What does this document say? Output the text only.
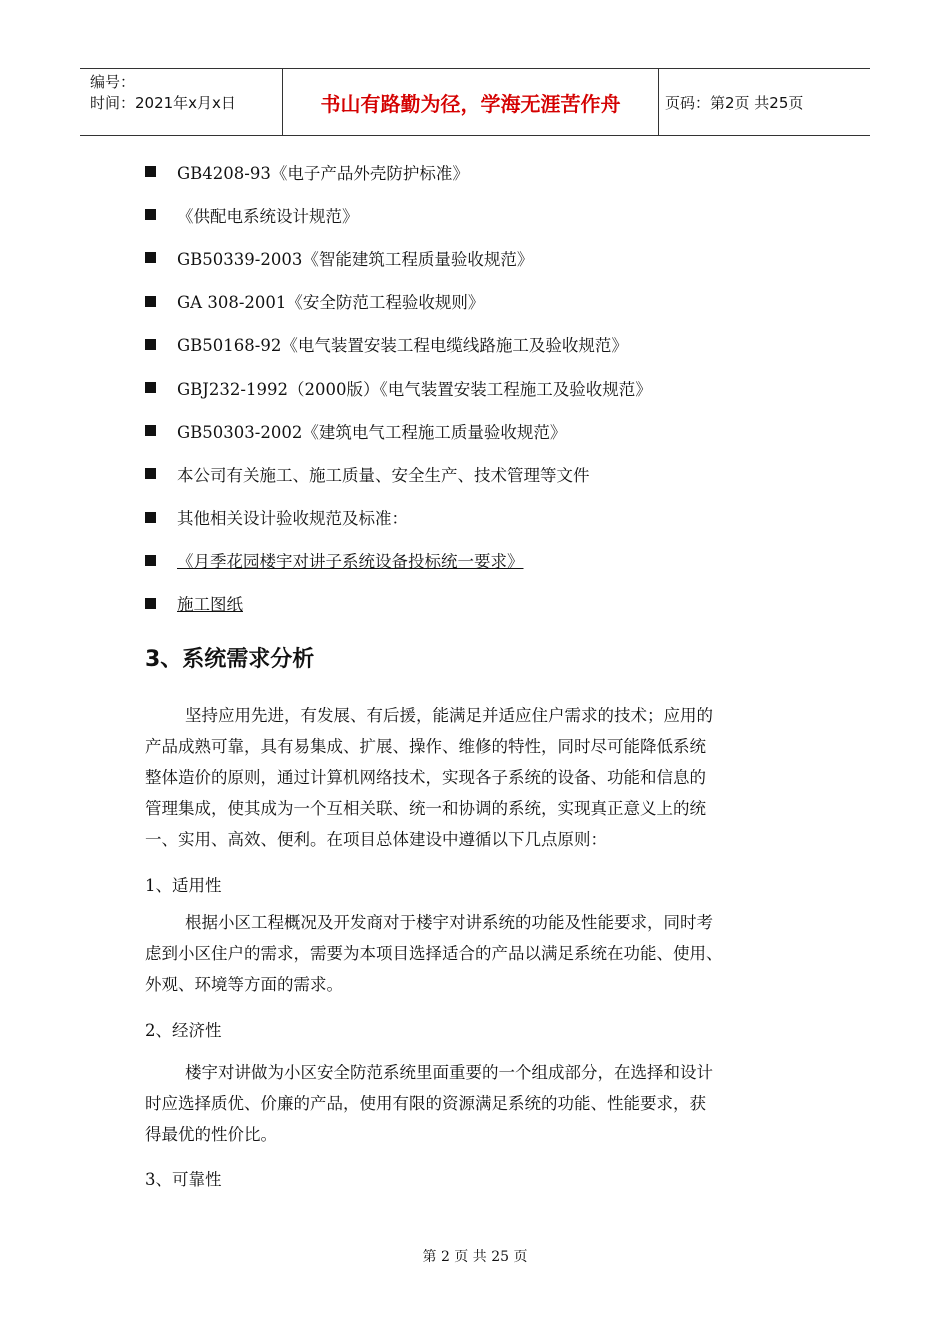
编号：
时间：2021年x月x日	书山有路勤为径，学海无涯苦作舟	页码：第2页 共25页
GB4208-93《电子产品外壳防护标准》
《供配电系统设计规范》
GB50339-2003《智能建筑工程质量验收规范》
GA 308-2001《安全防范工程验收规则》
GB50168-92《电气装置安装工程电缆线路施工及验收规范》
GBJ232-1992（2000版）《电气装置安装工程施工及验收规范》
GB50303-2002《建筑电气工程施工质量验收规范》
本公司有关施工、施工质量、安全生产、技术管理等文件
其他相关设计验收规范及标准：
《月季花园楼宇对讲子系统设备投标统一要求》
施工图纸
3、系统需求分析
坚持应用先进，有发展、有后援，能满足并适应住户需求的技术；应用的
产品成熟可靠，具有易集成、扩展、操作、维修的特性，同时尽可能降低系统
整体造价的原则，通过计算机网络技术，实现各子系统的设备、功能和信息的
管理集成，使其成为一个互相关联、统一和协调的系统，实现真正意义上的统
一、实用、高效、便利。在项目总体建设中遵循以下几点原则：
1、适用性
根据小区工程概况及开发商对于楼宇对讲系统的功能及性能要求，同时考
虑到小区住户的需求，需要为本项目选择适合的产品以满足系统在功能、使用、
外观、环境等方面的需求。
2、经济性
楼宇对讲做为小区安全防范系统里面重要的一个组成部分，在选择和设计
时应选择质优、价廉的产品，使用有限的资源满足系统的功能、性能要求，获
得最优的性价比。
3、可靠性
第 2 页 共 25 页
